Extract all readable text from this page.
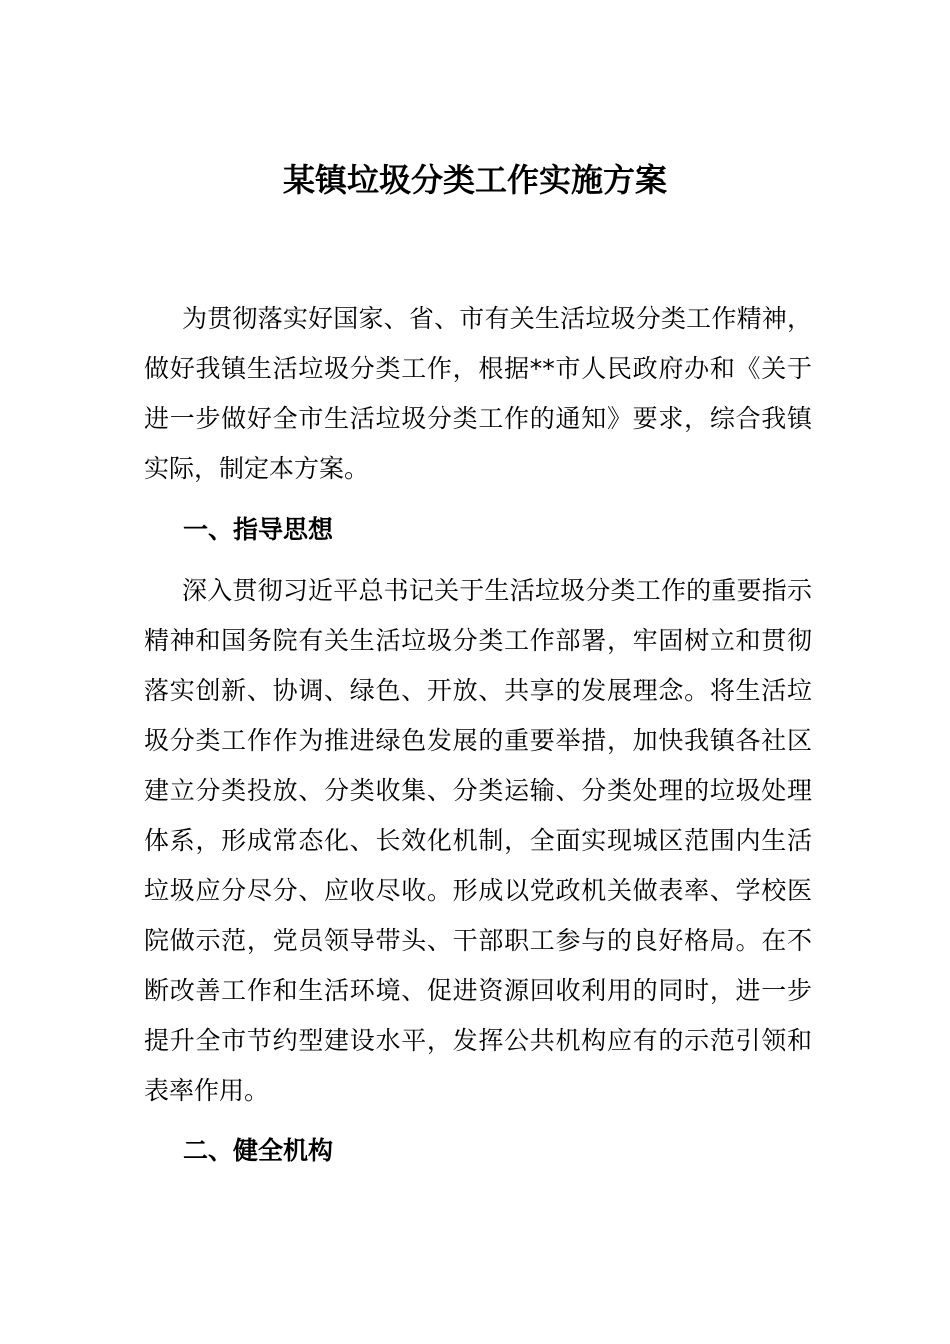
某镇垃圾分类工作实施方案

为贯彻落实好国家、省、市有关生活垃圾分类工作精神，做好我镇生活垃圾分类工作，根据**市人民政府办和《关于进一步做好全市生活垃圾分类工作的通知》要求，综合我镇实际，制定本方案。

一、指导思想

深入贯彻习近平总书记关于生活垃圾分类工作的重要指示精神和国务院有关生活垃圾分类工作部署，牢固树立和贯彻落实创新、协调、绿色、开放、共享的发展理念。将生活垃圾分类工作作为推进绿色发展的重要举措，加快我镇各社区建立分类投放、分类收集、分类运输、分类处理的垃圾处理体系，形成常态化、长效化机制，全面实现城区范围内生活垃圾应分尽分、应收尽收。形成以党政机关做表率、学校医院做示范，党员领导带头、干部职工参与的良好格局。在不断改善工作和生活环境、促进资源回收利用的同时，进一步提升全市节约型建设水平，发挥公共机构应有的示范引领和表率作用。

二、健全机构
